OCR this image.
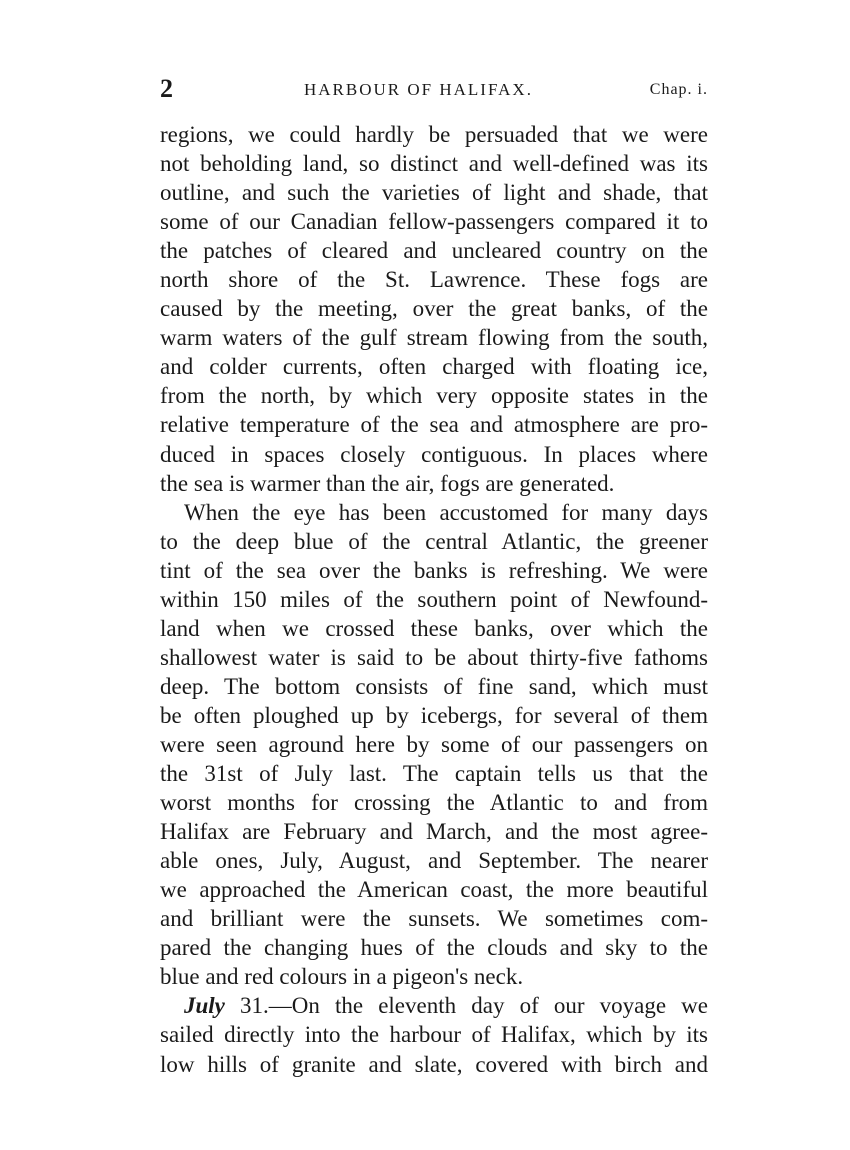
2	HARBOUR OF HALIFAX.	Chap. i.
regions, we could hardly be persuaded that we were
not beholding land, so distinct and well-defined was its
outline, and such the varieties of light and shade, that
some of our Canadian fellow-passengers compared it to
the patches of cleared and uncleared country on the
north shore of the St. Lawrence. These fogs are
caused by the meeting, over the great banks, of the
warm waters of the gulf stream flowing from the south,
and colder currents, often charged with floating ice,
from the north, by which very opposite states in the
relative temperature of the sea and atmosphere are pro-
duced in spaces closely contiguous. In places where
the sea is warmer than the air, fogs are generated.
When the eye has been accustomed for many days
to the deep blue of the central Atlantic, the greener
tint of the sea over the banks is refreshing. We were
within 150 miles of the southern point of Newfound-
land when we crossed these banks, over which the
shallowest water is said to be about thirty-five fathoms
deep. The bottom consists of fine sand, which must
be often ploughed up by icebergs, for several of them
were seen aground here by some of our passengers on
the 31st of July last. The captain tells us that the
worst months for crossing the Atlantic to and from
Halifax are February and March, and the most agree-
able ones, July, August, and September. The nearer
we approached the American coast, the more beautiful
and brilliant were the sunsets. We sometimes com-
pared the changing hues of the clouds and sky to the
blue and red colours in a pigeon's neck.
July 31.—On the eleventh day of our voyage we
sailed directly into the harbour of Halifax, which by its
low hills of granite and slate, covered with birch and
